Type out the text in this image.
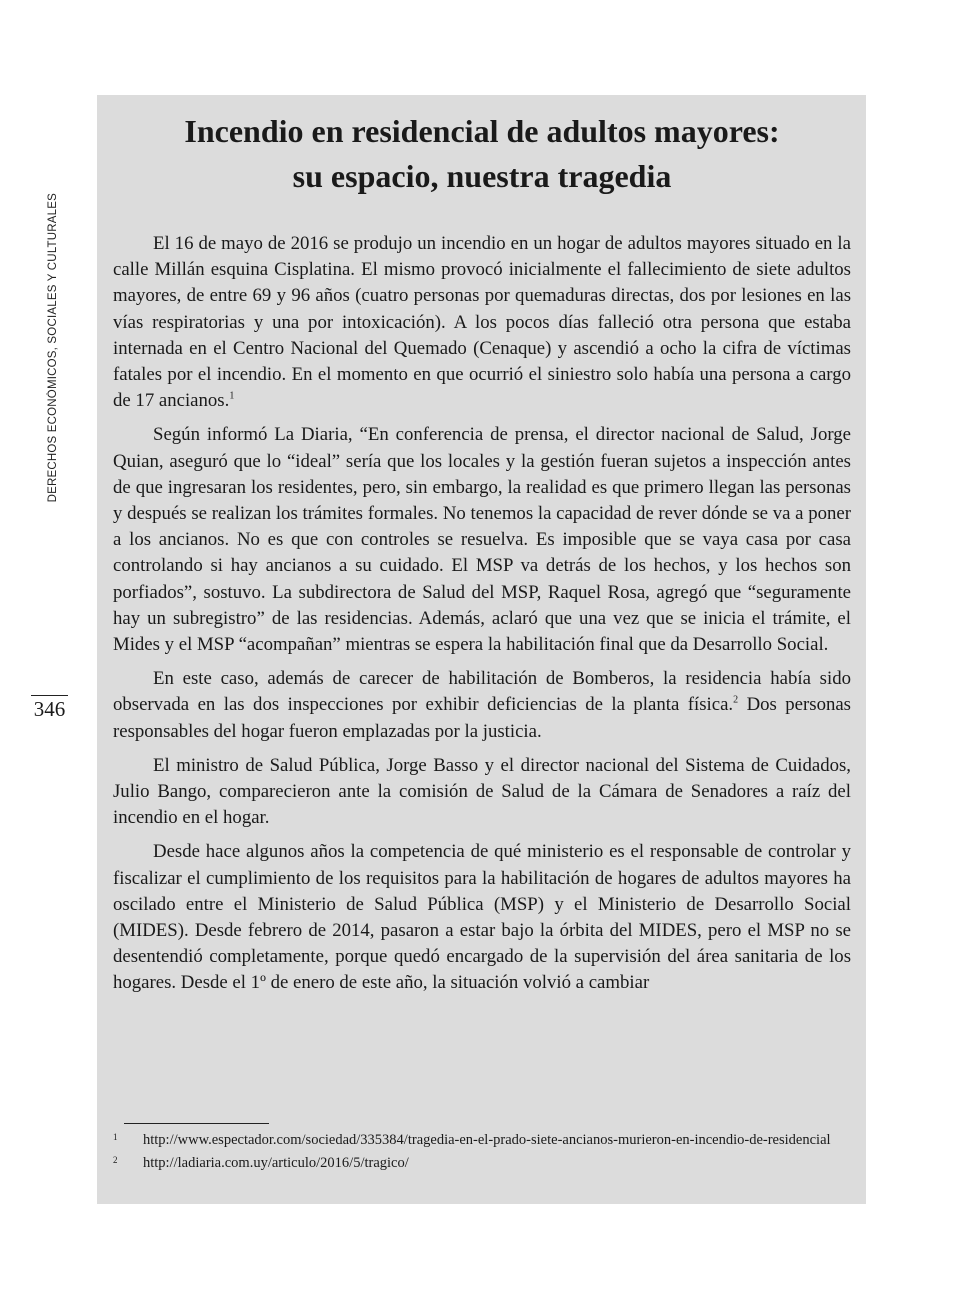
DERECHOS ECONÓMICOS, SOCIALES Y CULTURALES
346
Incendio en residencial de adultos mayores:
su espacio, nuestra tragedia

El 16 de mayo de 2016 se produjo un incendio en un hogar de adultos mayores situado en la calle Millán esquina Cisplatina. El mismo provocó inicialmente el fallecimiento de siete adultos mayores, de entre 69 y 96 años (cuatro personas por quemaduras directas, dos por lesiones en las vías respiratorias y una por intoxicación). A los pocos días falleció otra persona que estaba internada en el Centro Nacional del Quemado (Cenaque) y ascendió a ocho la cifra de víctimas fatales por el incendio. En el momento en que ocurrió el siniestro solo había una persona a cargo de 17 ancianos.$^1$

Según informó La Diaria, “En conferencia de prensa, el director nacional de Salud, Jorge Quian, aseguró que lo “ideal” sería que los locales y la gestión fueran sujetos a inspección antes de que ingresaran los residentes, pero, sin embargo, la realidad es que primero llegan las personas y después se realizan los trámites formales. No tenemos la capacidad de rever dónde se va a poner a los ancianos. No es que con controles se resuelva. Es imposible que se vaya casa por casa controlando si hay ancianos a su cuidado. El MSP va detrás de los hechos, y los hechos son porfiados”, sostuvo. La subdirectora de Salud del MSP, Raquel Rosa, agregó que “seguramente hay un subregistro” de las residencias. Además, aclaró que una vez que se inicia el trámite, el Mides y el MSP “acompañan” mientras se espera la habilitación final que da Desarrollo Social.

En este caso, además de carecer de habilitación de Bomberos, la residencia había sido observada en las dos inspecciones por exhibir deficiencias de la planta física.$^2$ Dos personas responsables del hogar fueron emplazadas por la justicia.

El ministro de Salud Pública, Jorge Basso y el director nacional del Sistema de Cuidados, Julio Bango, comparecieron ante la comisión de Salud de la Cámara de Senadores a raíz del incendio en el hogar.

Desde hace algunos años la competencia de qué ministerio es el responsable de controlar y fiscalizar el cumplimiento de los requisitos para la habilitación de hogares de adultos mayores ha oscilado entre el Ministerio de Salud Pública (MSP) y el Ministerio de Desarrollo Social (MIDES). Desde febrero de 2014, pasaron a estar bajo la órbita del MIDES, pero el MSP no se desentendió completamente, porque quedó encargado de la supervisión del área sanitaria de los hogares. Desde el 1º de enero de este año, la situación volvió a cambiar

1	http://www.espectador.com/sociedad/335384/tragedia-en-el-prado-siete-ancianos-murieron-en-incendio-de-residencial
2	http://ladiaria.com.uy/articulo/2016/5/tragico/
